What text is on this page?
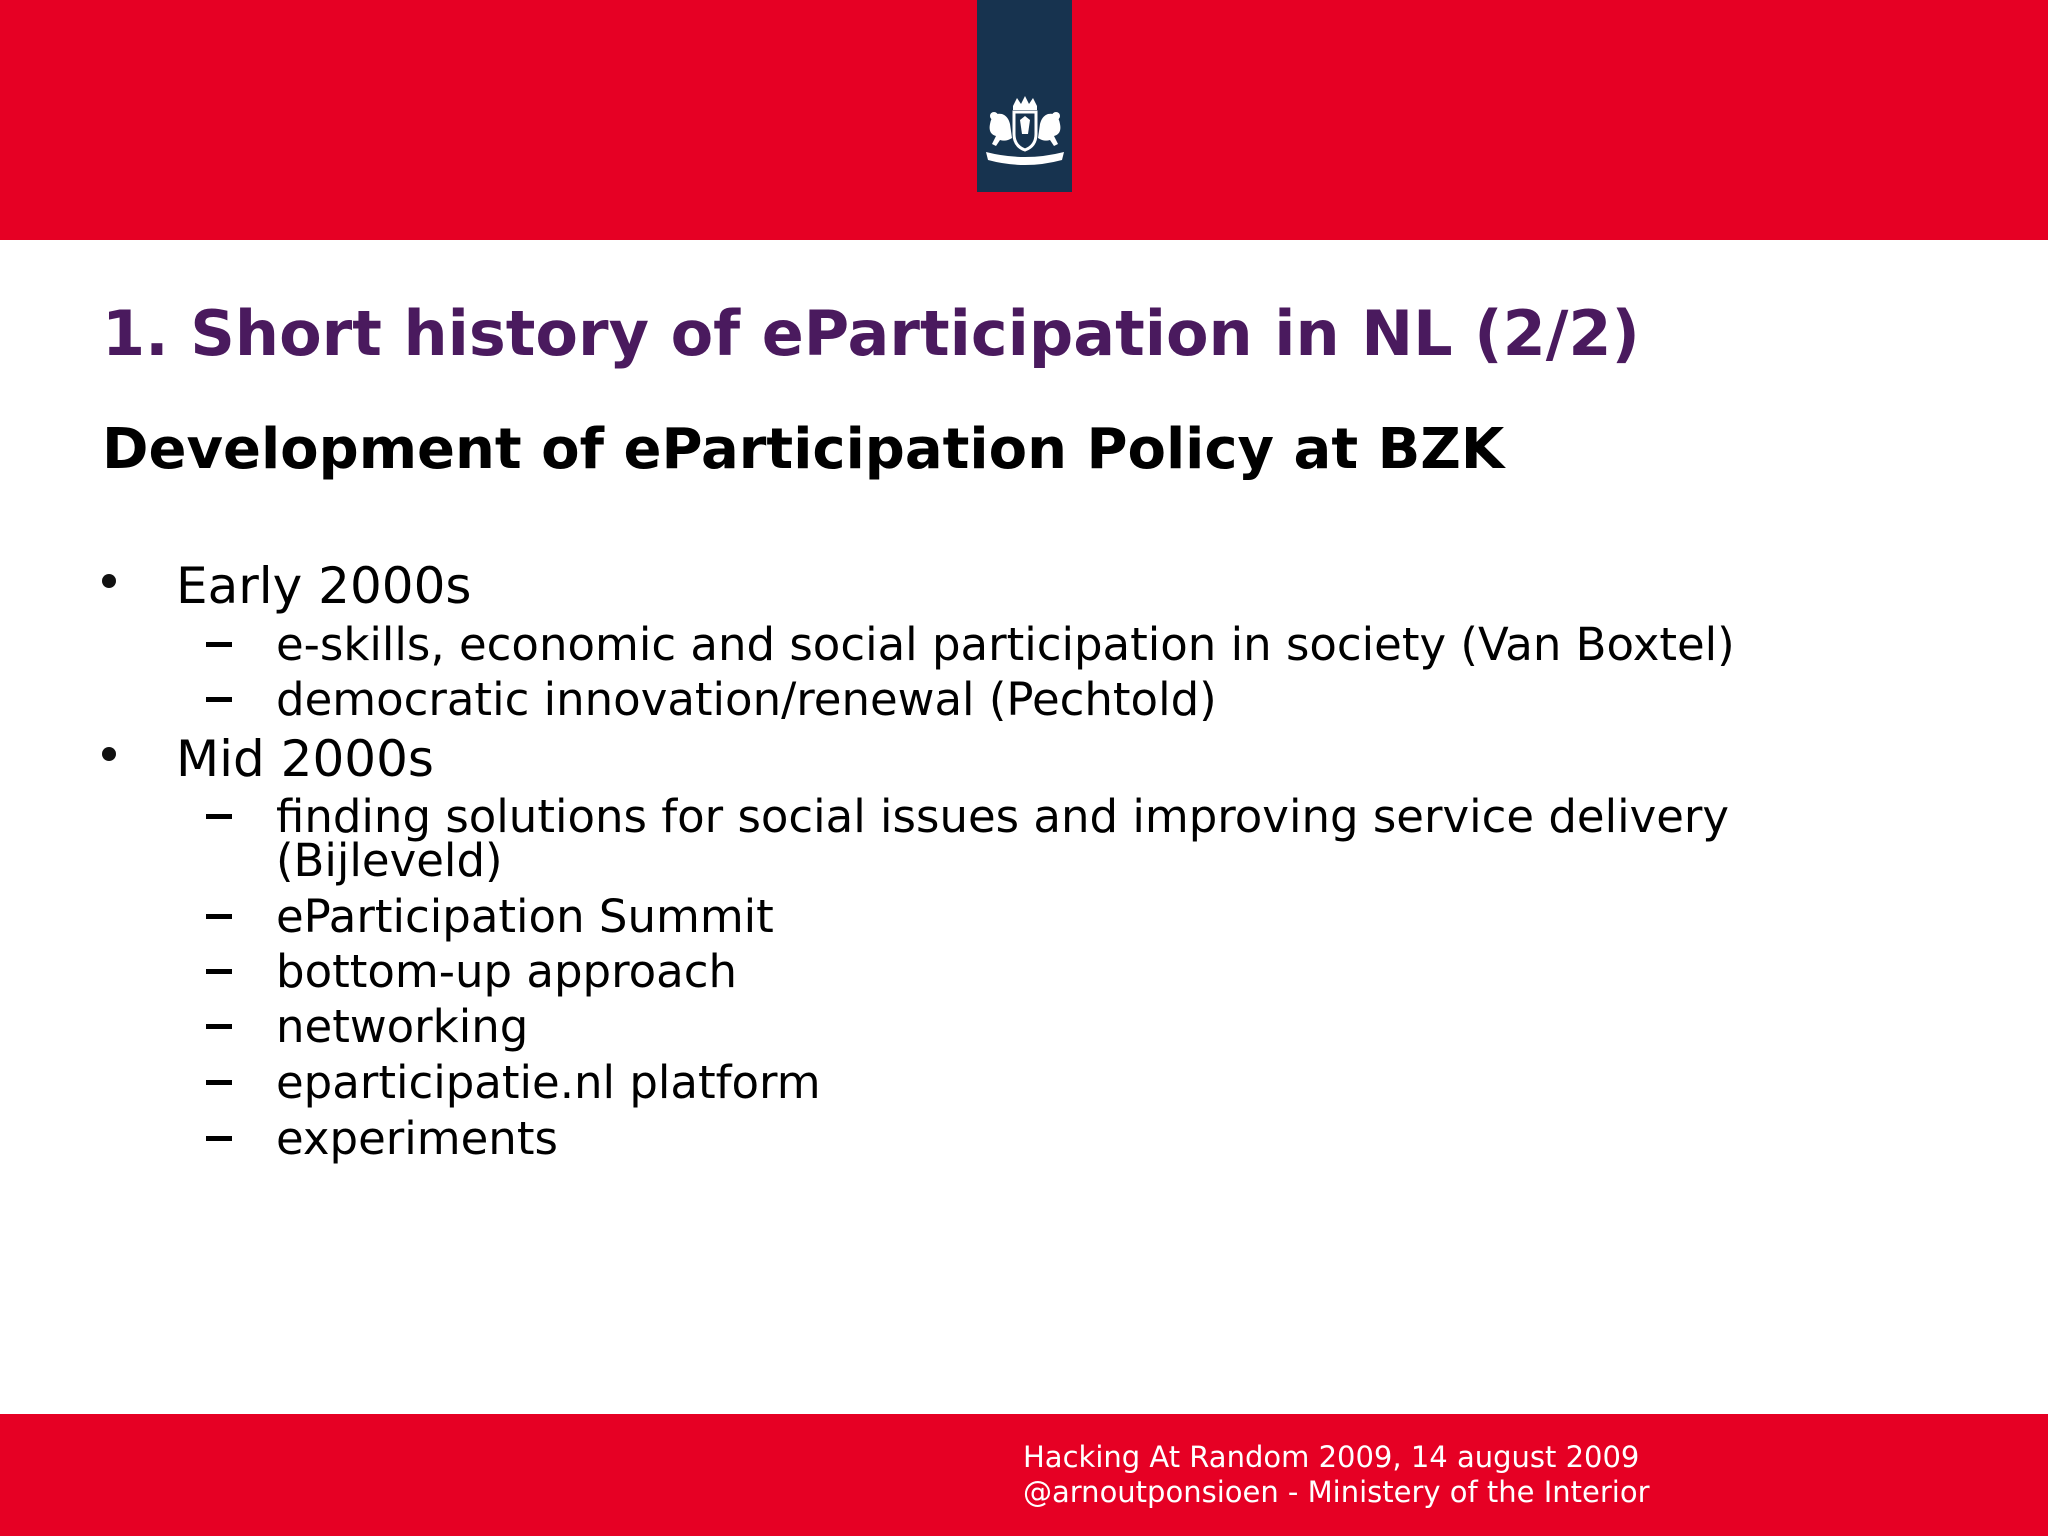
1. Short history of eParticipation in NL (2/2)
Development of eParticipation Policy at BZK
Early 2000s
e-skills, economic and social participation in society (Van Boxtel)
democratic innovation/renewal (Pechtold)
Mid 2000s
finding solutions for social issues and improving service delivery (Bijleveld)
eParticipation Summit
bottom-up approach
networking
eparticipatie.nl platform
experiments
Hacking At Random 2009, 14 august 2009
@arnoutponsioen - Ministery of the Interior
